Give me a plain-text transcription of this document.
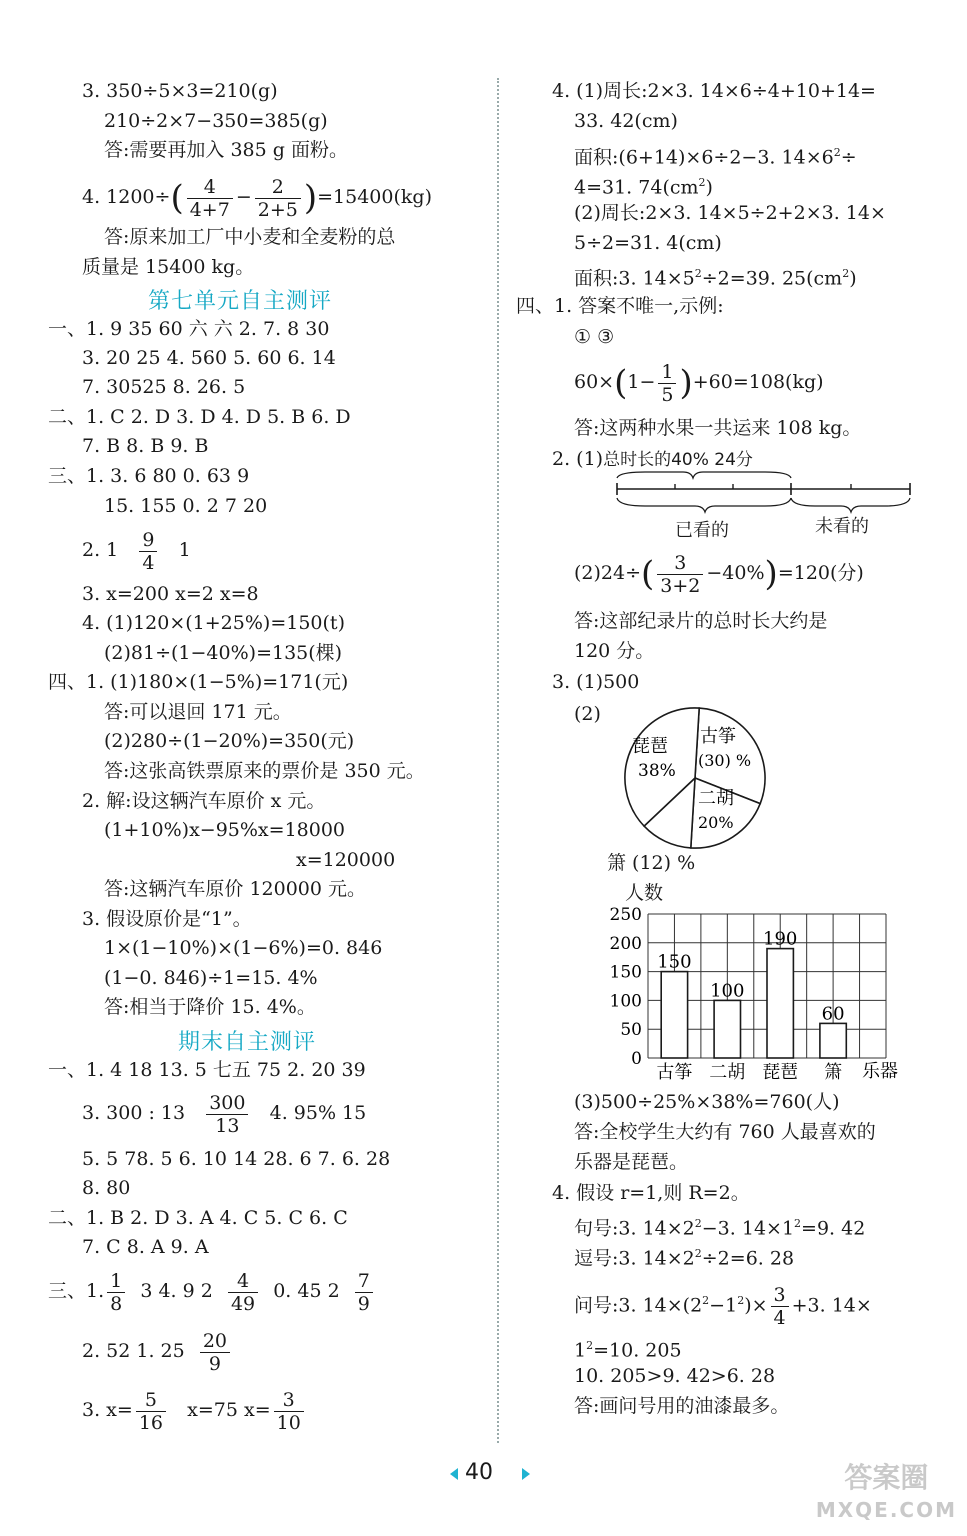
3. 350÷5×3=210(g)
210÷2×7−350=385(g)
答:需要再加入 385 g 面粉。
4. $1200\div( \frac{4}{4+7} - \frac{2}{2+5} )=15400(kg)$
答:原来加工厂中小麦和全麦粉的总
质量是 15400 kg。
第七单元自主测评
一、1. 9 35 60 六 六 2. 7. 8 30
3. 20 25 4. 560 5. 60 6. 14
7. 30525 8. 26. 5
二、1. C 2. D 3. D 4. D 5. B 6. D
7. B 8. B 9. B
三、1. 3. 6 80 0. 63 9
15. 155 0. 2 7 20
2. $1 \frac{9}{4} 1$
3. x=200 x=2 x=8
4. (1)120×(1+25%)=150(t)
(2)81÷(1−40%)=135(棵)
四、1. (1)180×(1−5%)=171(元)
答:可以退回 171 元。
(2)280÷(1−20%)=350(元)
答:这张高铁票原来的票价是 350 元。
2. 解:设这辆汽车原价 x 元。
(1+10%)x−95%x=18000
x=120000
答:这辆汽车原价 120000 元。
3. 假设原价是“1”。
1×(1−10%)×(1−6%)=0. 846
(1−0. 846)÷1=15. 4%
答:相当于降价 15. 4%。
期末自主测评
一、1. 4 18 13. 5 七五 75 2. 20 39
3. 300 : $13 \frac{300}{13} 4$. 95% 15
5. 5 78. 5 6. 10 14 28. 6 7. 6. 28
8. 80
二、1. B 2. D 3. A 4. C 5. C 6. C
7. C 8. A 9. A
三、1. $\frac{1}{8} 3$ 4. 9 $2 \frac{4}{49} 0$. 45 $2 \frac{7}{9}$
2. 52 1. $25 \frac{20}{9}$
3. $x= \frac{5}{16} x=75$ $x= \frac{3}{10}$
4. (1)周长:2×3. 14×6÷4+10+14=
33. 42(cm)
面积:(6+14)×6÷2−3. $14\times 6^2\div$
4=31. $74(cm^2)$
(2)周长:2×3. 14×5÷2+2×3. 14×
5÷2=31. 4(cm)
面积:3. $14\times 5^2\div 2=39$. $25(cm^2)$
四、1. 答案不唯一,示例:
① ③
$60\times(1- \frac{1}{5} )+60=108(kg)$
答:这两种水果一共运来 108 kg。
2. (1)总时长的40% 24分
已看的	未看的
$(2)24\div( \frac{3}{3+2} -40\%)=120$(分)
答:这部纪录片的总时长大约是
120 分。
3. (1)500
(2)
琵琶
38%
古筝
(30) %
二胡
20%
箫 (12) %
人数
0
50
100
150
200
250
150
100
190
60
古筝 二胡 琵琶 箫 乐器
(3)500÷25%×38%=760(人)
答:全校学生大约有 760 人最喜欢的
乐器是琵琶。
4. 假设 r=1,则 R=2。
句号:3. $14\times 2^2-3$. $14\times 1^2=9$. 42
逗号:3. $14\times 2^2\div 2=6$. 28
问号:3. $14\times(2^2-1^2)\times \frac{3}{4} +3$. 14×
$1^2=10$. 205
10. 205>9. 42>6. 28
答:画问号用的油漆最多。
40	答案圈
MXQE.COM
